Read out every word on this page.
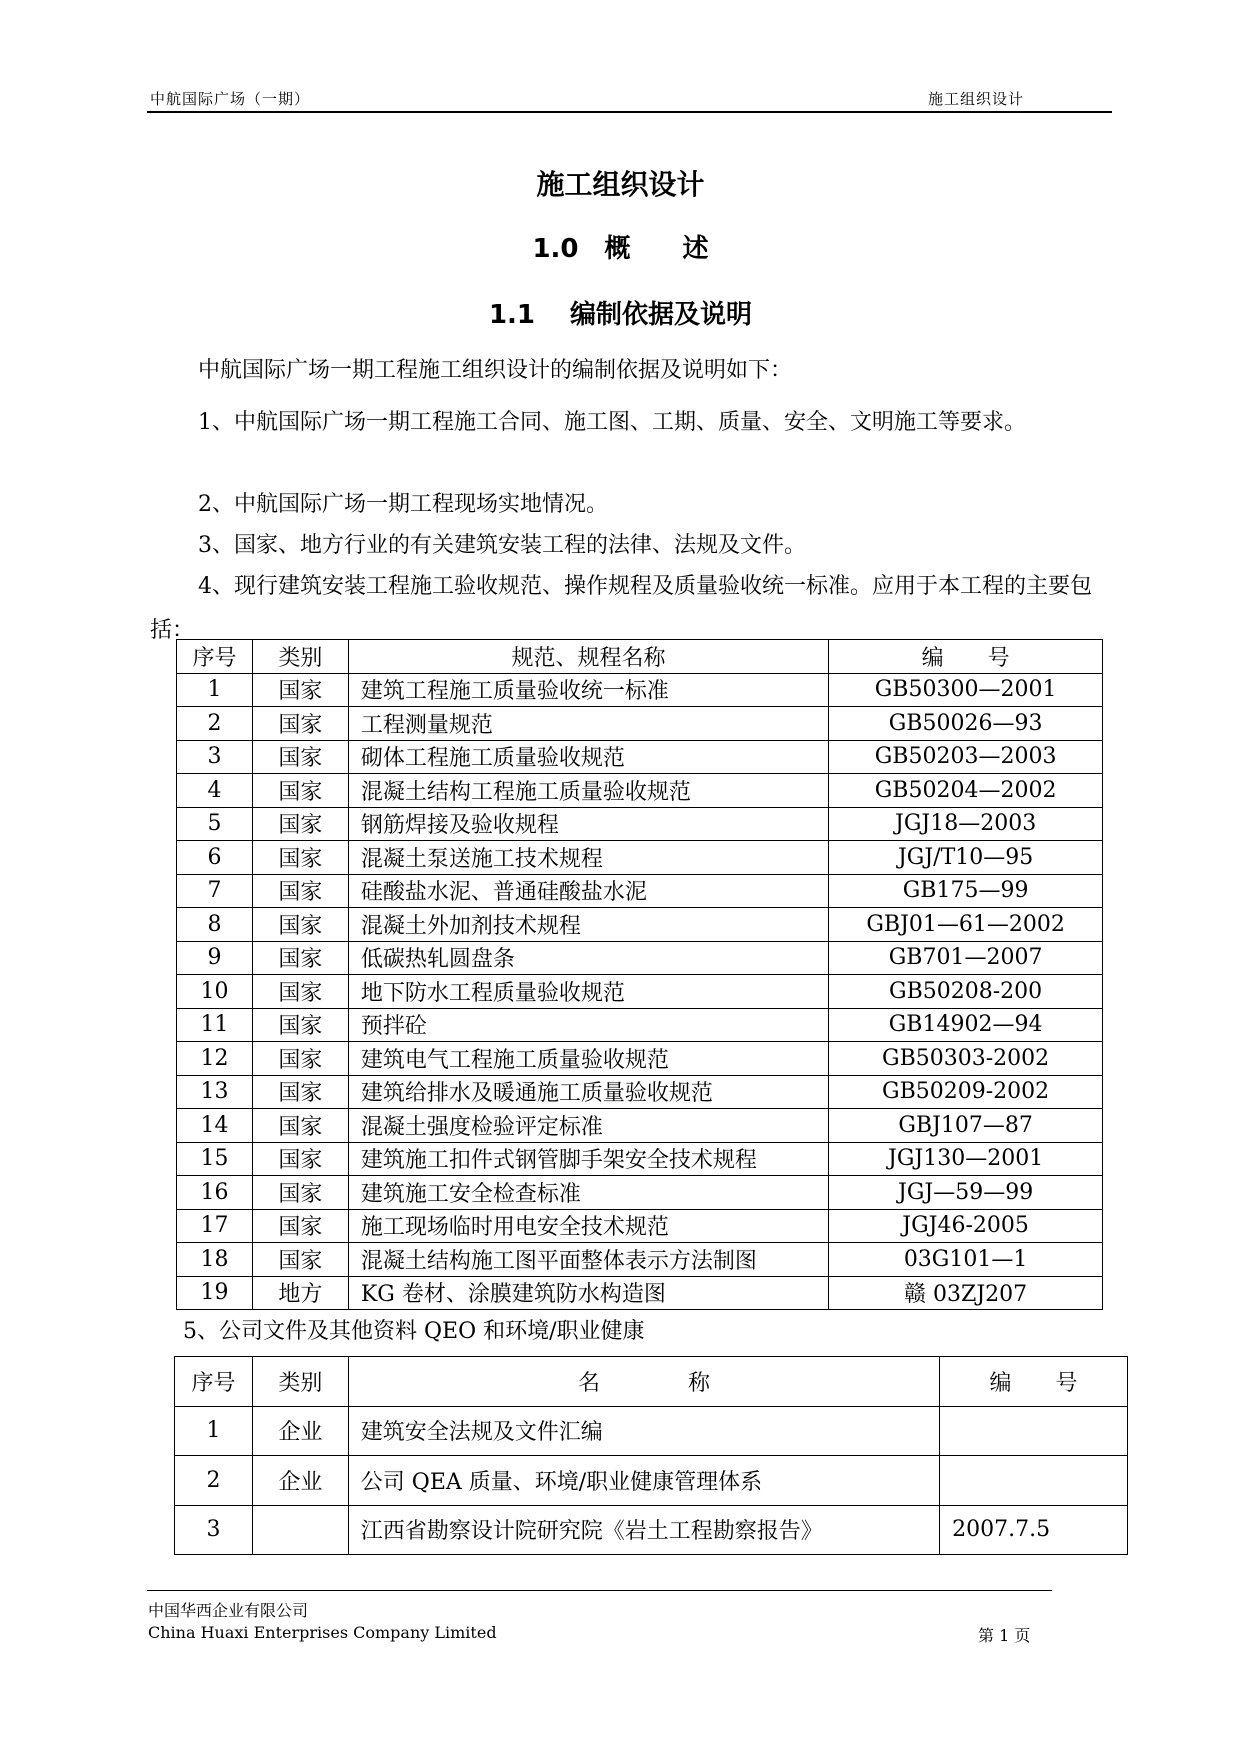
中航国际广场（一期）	施工组织设计
施工组织设计
1.0　概　　述
1.1　 编制依据及说明
中航国际广场一期工程施工组织设计的编制依据及说明如下：
1、中航国际广场一期工程施工合同、施工图、工期、质量、安全、文明施工等要求。
2、中航国际广场一期工程现场实地情况。
3、国家、地方行业的有关建筑安装工程的法律、法规及文件。
4、现行建筑安装工程施工验收规范、操作规程及质量验收统一标准。应用于本工程的主要包括：
序号	类别	规范、规程名称	编　　号
1	国家	建筑工程施工质量验收统一标准	GB50300—2001
2	国家	工程测量规范	GB50026—93
3	国家	砌体工程施工质量验收规范	GB50203—2003
4	国家	混凝土结构工程施工质量验收规范	GB50204—2002
5	国家	钢筋焊接及验收规程	JGJ18—2003
6	国家	混凝土泵送施工技术规程	JGJ/T10—95
7	国家	硅酸盐水泥、普通硅酸盐水泥	GB175—99
8	国家	混凝土外加剂技术规程	GBJ01—61—2002
9	国家	低碳热轧圆盘条	GB701—2007
10	国家	地下防水工程质量验收规范	GB50208-200
11	国家	预拌砼	GB14902—94
12	国家	建筑电气工程施工质量验收规范	GB50303-2002
13	国家	建筑给排水及暖通施工质量验收规范	GB50209-2002
14	国家	混凝土强度检验评定标准	GBJ107—87
15	国家	建筑施工扣件式钢管脚手架安全技术规程	JGJ130—2001
16	国家	建筑施工安全检查标准	JGJ—59—99
17	国家	施工现场临时用电安全技术规范	JGJ46-2005
18	国家	混凝土结构施工图平面整体表示方法制图	03G101—1
19	地方	KG 卷材、涂膜建筑防水构造图	赣 03ZJ207
5、公司文件及其他资料 QEO 和环境/职业健康
序号	类别	名　　　　称	编　　号
1	企业	建筑安全法规及文件汇编	
2	企业	公司 QEA 质量、环境/职业健康管理体系	
3		江西省勘察设计院研究院《岩土工程勘察报告》	2007.7.5
中国华西企业有限公司
China Huaxi Enterprises Company Limited	第 1 页
